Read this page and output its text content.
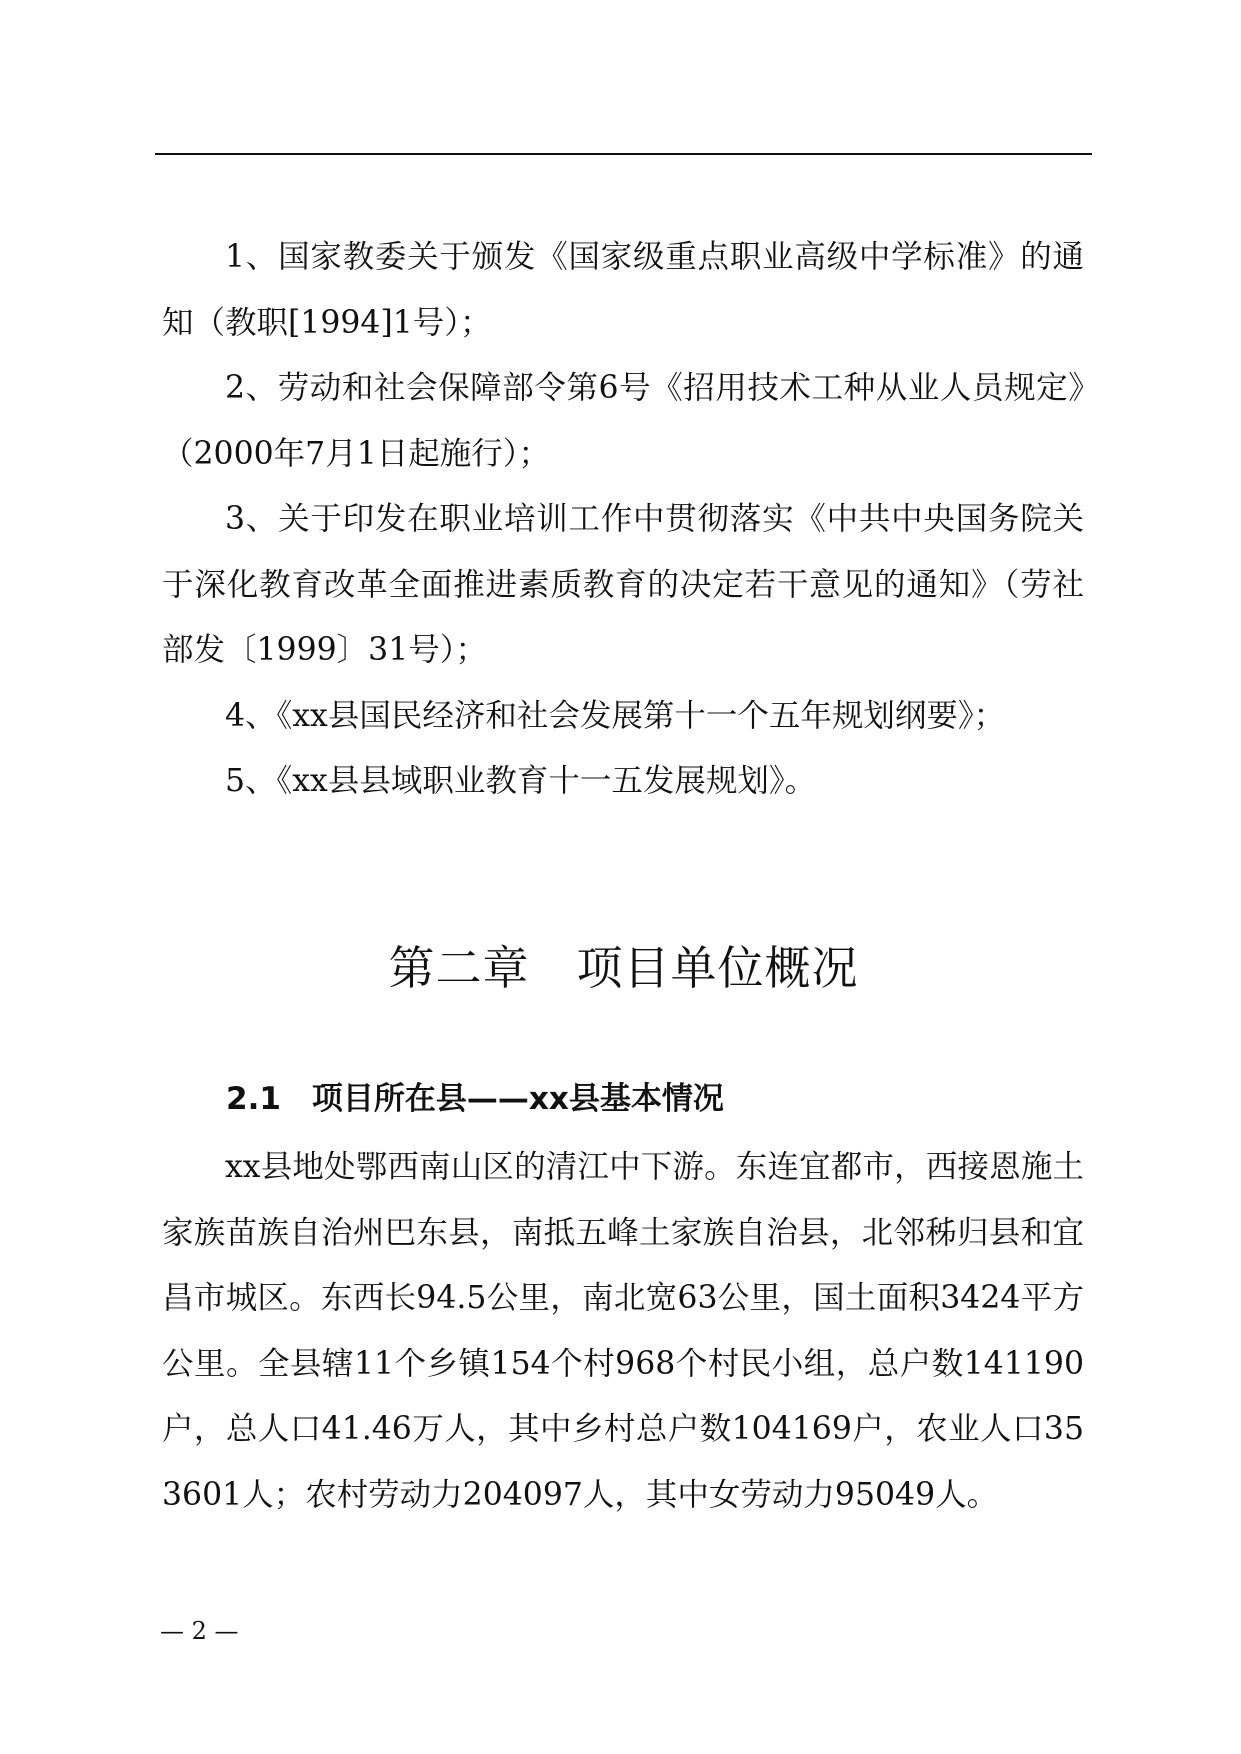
1、国家教委关于颁发《国家级重点职业高级中学标准》的通知（教职[1994]1号）；

2、劳动和社会保障部令第6号《招用技术工种从业人员规定》（2000年7月1日起施行）；

3、关于印发在职业培训工作中贯彻落实《中共中央国务院关于深化教育改革全面推进素质教育的决定若干意见的通知》（劳社部发〔1999〕31号）；

4、《xx县国民经济和社会发展第十一个五年规划纲要》；

5、《xx县县域职业教育十一五发展规划》。

第二章　项目单位概况
2.1　项目所在县——xx县基本情况

xx县地处鄂西南山区的清江中下游。东连宜都市，西接恩施土家族苗族自治州巴东县，南抵五峰土家族自治县，北邻秭归县和宜昌市城区。东西长94.5公里，南北宽63公里，国土面积3424平方公里。全县辖11个乡镇154个村968个村民小组，总户数141190户，总人口41.46万人，其中乡村总户数104169户，农业人口353601人；农村劳动力204097人，其中女劳动力95049人。

— 2 —
